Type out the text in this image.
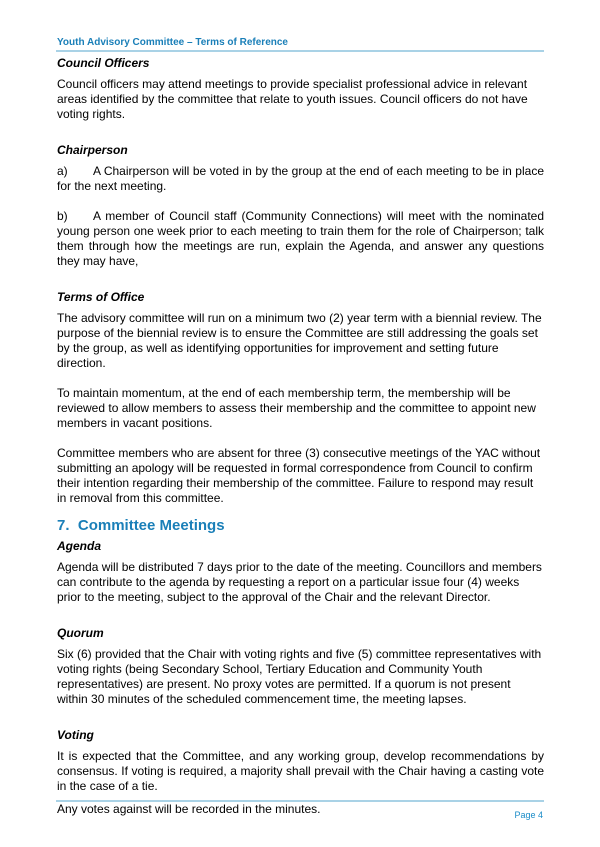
Youth Advisory Committee – Terms of Reference
Council Officers

Council officers may attend meetings to provide specialist professional advice in relevant areas identified by the committee that relate to youth issues. Council officers do not have voting rights.

Chairperson

a) A Chairperson will be voted in by the group at the end of each meeting to be in place for the next meeting.

b) A member of Council staff (Community Connections) will meet with the nominated young person one week prior to each meeting to train them for the role of Chairperson; talk them through how the meetings are run, explain the Agenda, and answer any questions they may have,

Terms of Office

The advisory committee will run on a minimum two (2) year term with a biennial review. The purpose of the biennial review is to ensure the Committee are still addressing the goals set by the group, as well as identifying opportunities for improvement and setting future direction.

To maintain momentum, at the end of each membership term, the membership will be reviewed to allow members to assess their membership and the committee to appoint new members in vacant positions.

Committee members who are absent for three (3) consecutive meetings of the YAC without submitting an apology will be requested in formal correspondence from Council to confirm their intention regarding their membership of the committee. Failure to respond may result in removal from this committee.

7. Committee Meetings
Agenda

Agenda will be distributed 7 days prior to the date of the meeting. Councillors and members can contribute to the agenda by requesting a report on a particular issue four (4) weeks prior to the meeting, subject to the approval of the Chair and the relevant Director.

Quorum

Six (6) provided that the Chair with voting rights and five (5) committee representatives with voting rights (being Secondary School, Tertiary Education and Community Youth representatives) are present. No proxy votes are permitted. If a quorum is not present within 30 minutes of the scheduled commencement time, the meeting lapses.

Voting

It is expected that the Committee, and any working group, develop recommendations by consensus. If voting is required, a majority shall prevail with the Chair having a casting vote in the case of a tie.

Any votes against will be recorded in the minutes.	Page 4
